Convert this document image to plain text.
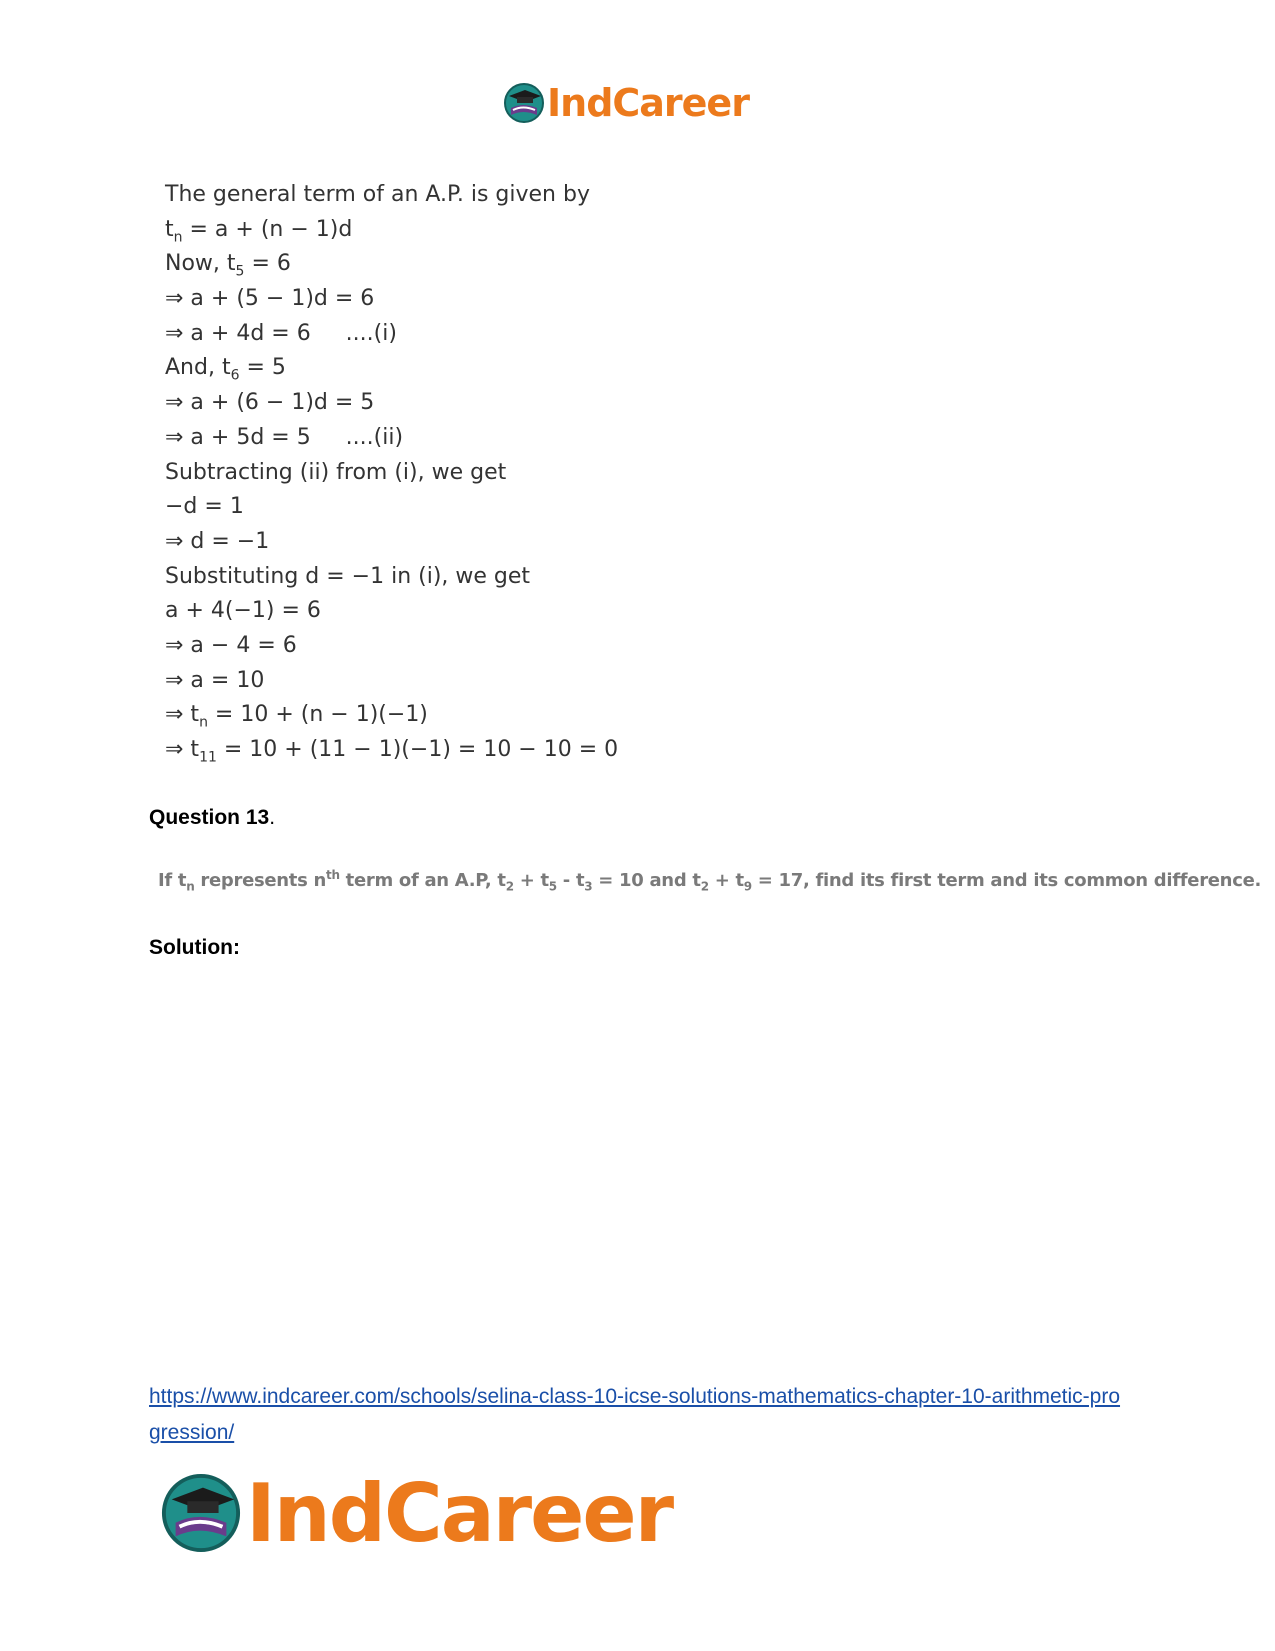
IndCareer
The general term of an A.P. is given by
$t_n = a + (n - 1)d$
Now, $t_5 = 6$
⇒ a + (5 − 1)d = 6
⇒ a + 4d = 6     ....(i)
And, $t_6 = 5$
⇒ a + (6 − 1)d = 5
⇒ a + 5d = 5     ....(ii)
Subtracting (ii) from (i), we get
−d = 1
⇒ d = −1
Substituting d = −1 in (i), we get
a + 4(−1) = 6
⇒ a − 4 = 6
⇒ a = 10
⇒ $t_n = 10 + (n - 1)(-1)$
⇒ $t_{11} = 10 + (11 - 1)(-1) = 10 - 10 = 0$
Question 13.
If $t_n$ represents $n^{th}$ term of an A.P, $t_2 + t_5 - t_3 = 10$ and $t_2 + t_9 = 17$, find its first term and its common difference.
Solution:
https://www.indcareer.com/schools/selina-class-10-icse-solutions-mathematics-chapter-10-arithmetic-progression/
IndCareer
